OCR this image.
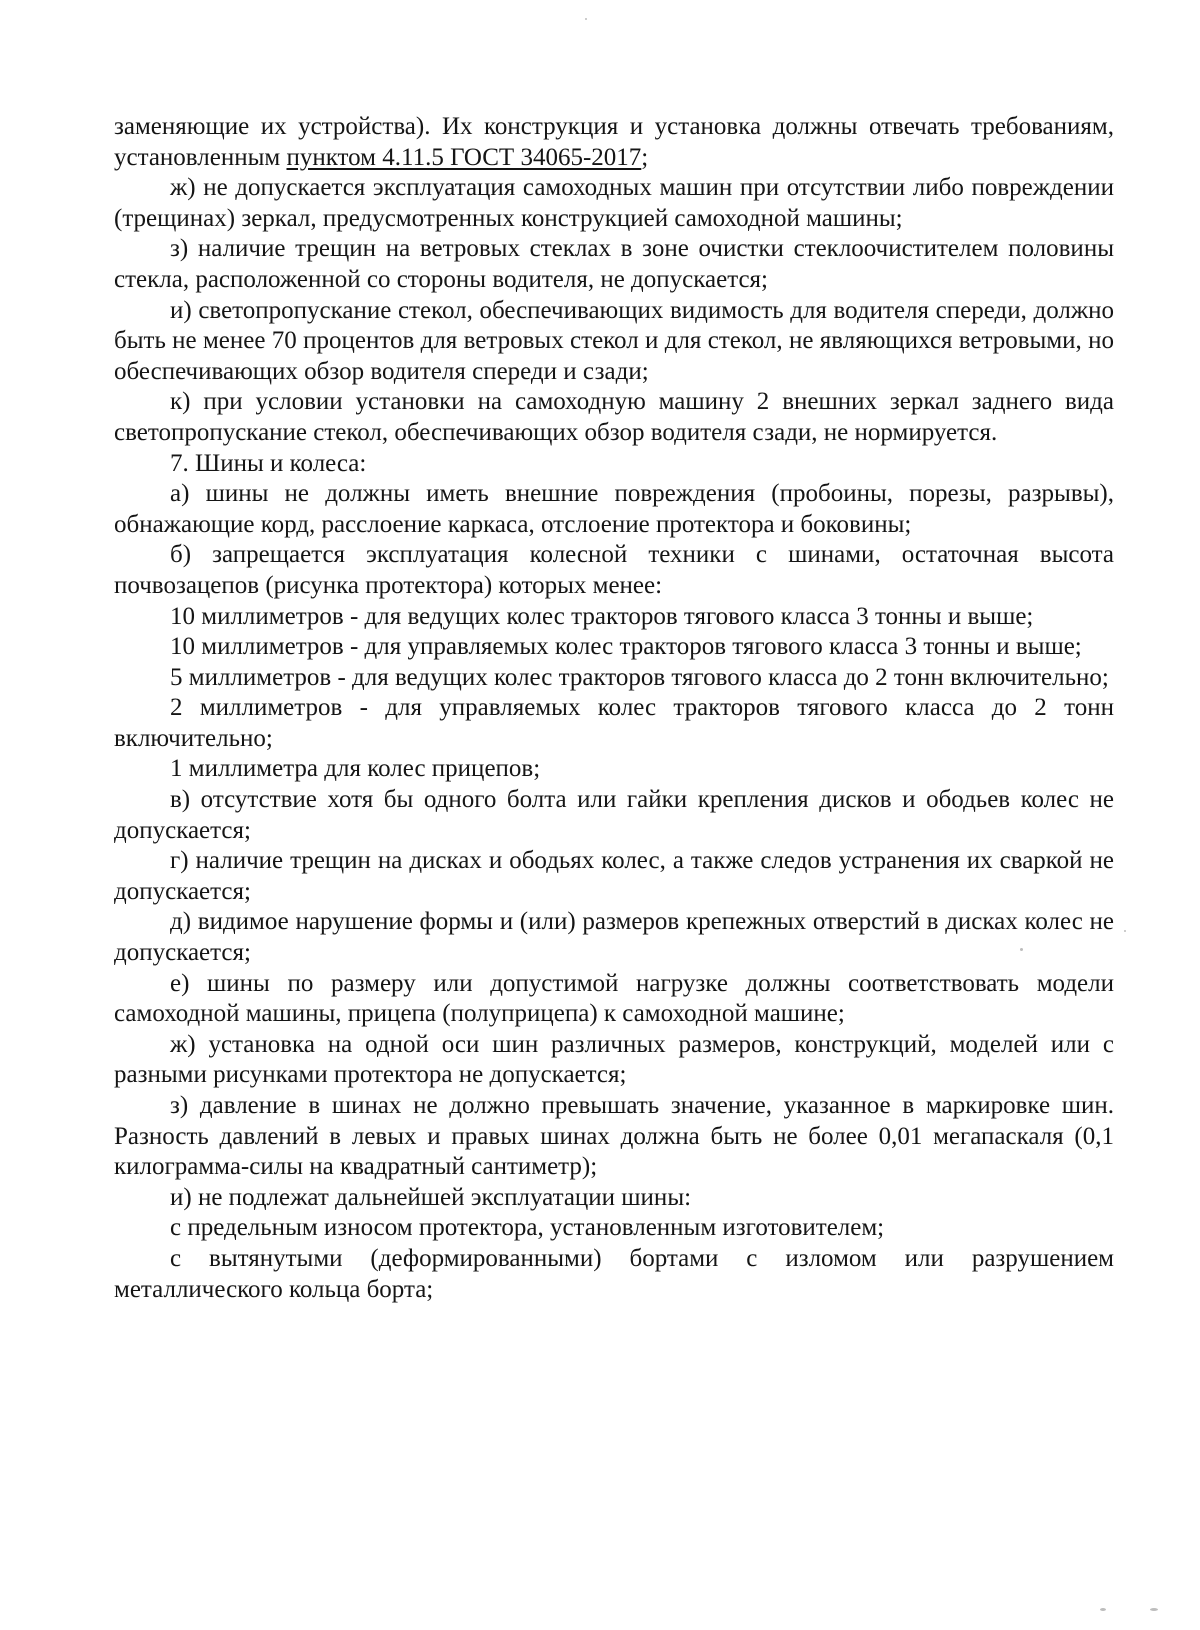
заменяющие их устройства). Их конструкция и установка должны отвечать требованиям, установленным пунктом 4.11.5 ГОСТ 34065-2017;

ж) не допускается эксплуатация самоходных машин при отсутствии либо повреждении (трещинах) зеркал, предусмотренных конструкцией самоходной машины;

з) наличие трещин на ветровых стеклах в зоне очистки стеклоочистителем половины стекла, расположенной со стороны водителя, не допускается;

и) светопропускание стекол, обеспечивающих видимость для водителя спереди, должно быть не менее 70 процентов для ветровых стекол и для стекол, не являющихся ветровыми, но обеспечивающих обзор водителя спереди и сзади;

к) при условии установки на самоходную машину 2 внешних зеркал заднего вида светопропускание стекол, обеспечивающих обзор водителя сзади, не нормируется.

7. Шины и колеса:

а) шины не должны иметь внешние повреждения (пробоины, порезы, разрывы), обнажающие корд, расслоение каркаса, отслоение протектора и боковины;

б) запрещается эксплуатация колесной техники с шинами, остаточная высота почвозацепов (рисунка протектора) которых менее:

10 миллиметров - для ведущих колес тракторов тягового класса 3 тонны и выше;

10 миллиметров - для управляемых колес тракторов тягового класса 3 тонны и выше;

5 миллиметров - для ведущих колес тракторов тягового класса до 2 тонн включительно;

2 миллиметров - для управляемых колес тракторов тягового класса до 2 тонн включительно;

1 миллиметра для колес прицепов;

в) отсутствие хотя бы одного болта или гайки крепления дисков и ободьев колес не допускается;

г) наличие трещин на дисках и ободьях колес, а также следов устранения их сваркой не допускается;

д) видимое нарушение формы и (или) размеров крепежных отверстий в дисках колес не допускается;

е) шины по размеру или допустимой нагрузке должны соответствовать модели самоходной машины, прицепа (полуприцепа) к самоходной машине;

ж) установка на одной оси шин различных размеров, конструкций, моделей или с разными рисунками протектора не допускается;

з) давление в шинах не должно превышать значение, указанное в маркировке шин. Разность давлений в левых и правых шинах должна быть не более 0,01 мегапаскаля (0,1 килограмма-силы на квадратный сантиметр);

и) не подлежат дальнейшей эксплуатации шины:

с предельным износом протектора, установленным изготовителем;

с вытянутыми (деформированными) бортами с изломом или разрушением металлического кольца борта;
